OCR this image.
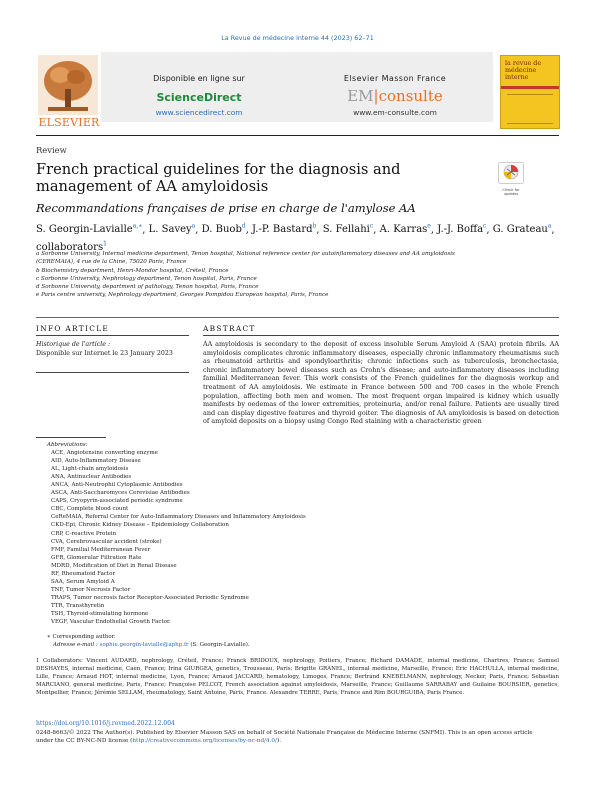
La Revue de médecine interne 44 (2023) 62–71
ELSEVIER
Disponible en ligne sur
ScienceDirect
www.sciencedirect.com
Elsevier Masson France
EM|consulte
www.em-consulte.com
la revue de médecine interne
Review
French practical guidelines for the diagnosis and management of AA amyloidosis	Check for updates
Recommandations françaises de prise en charge de l'amylose AA
S. Georgin-Lavialle$^{a,∗}$, L. Savey$^a$, D. Buob$^d$, J.-P. Bastard$^b$, S. Fellahi$^c$, A. Karras$^e$, J.-J. Boffa$^c$, G. Grateau$^a$, collaborators$^1$
a Sorbonne University, Internal medicine department, Tenon hospital, National reference center for autoinflammatory diseases and AA amyloidosis
(CEREMAIA), 4 rue de la Chine, 75020 Paris, France
b Biochemistry department, Henri-Mondor hospital, Créteil, France
c Sorbonne University, Nephrology department, Tenon hospital, Paris, France
d Sorbonne University, department of pathology, Tenon hospital, Paris, France
e Paris centre university, Nephrology department, Georges Pompidou European hospital, Paris, France
INFO ARTICLE	ABSTRACT
Historique de l'article :
Disponible sur Internet le 23 January 2023
AA amyloidosis is secondary to the deposit of excess insoluble Serum Amyloid A (SAA) protein fibrils. AA amyloidosis complicates chronic inflammatory diseases, especially chronic inflammatory rheumatisms such as rheumatoid arthritis and spondyloarthritis; chronic infections such as tuberculosis, bronchectasia, chronic inflammatory bowel diseases such as Crohn's disease; and auto-inflammatory diseases including familial Mediterranean fever. This work consists of the French guidelines for the diagnosis workup and treatment of AA amyloidosis. We estimate in France between 500 and 700 cases in the whole French population, affecting both men and women. The most frequent organ impaired is kidney which usually manifests by oedemas of the lower extremities, proteinuria, and/or renal failure. Patients are usually tired and can display digestive features and thyroid goiter. The diagnosis of AA amyloidosis is based on detection of amyloid deposits on a biopsy using Congo Red staining with a characteristic green
Abbreviations:
ACE, Angiotensine converting enzyme
AID, Auto-Inflammatory Disease
AL, Light-chain amyloidosis
ANA, Antinuclear Antibodies
ANCA, Anti-Neutrophil Cytoplasmic Antibodies
ASCA, Anti-Saccharomyces Cerevisiae Antibodies
CAPS, Cryopyrin-associated periodic syndrome
CBC, Complete blood count
CeReMAIA, Referral Center for Auto-Inflammatory Diseases and Inflammatory Amyloidosis
CKD-Epi, Chronic Kidney Disease – Epidemiology Collaboration
CRP, C-reactive Protein
CVA, Cerebrovascular accident (stroke)
FMF, Familial Mediterranean Fever
GFR, Glomerular Filtration Rate
MDRD, Modification of Diet in Renal Disease
RF, Rheumatoid Factor
SAA, Serum Amyloid A
TNF, Tumor Necrosis Factor
TRAPS, Tumor necrosis factor Receptor-Associated Periodic Syndrome
TTR, Transthyretin
TSH, Thyroid-stimulating hormone
VEGF, Vascular Endothelial Growth Factor.
∗ Corresponding author.
Adresse e-mail : sophie.georgin-lavialle@aphp.fr (S. Georgin-Lavialle).
1 Collaborators: Vincent AUDARD, nephrology, Créteil, France; Franck BRIDOUX, nephrology, Poitiers, France; Richard DAMADE, internal medicine, Chartres, France; Samuel DESHAYES, internal medicine, Caen, France; Irina GIURGEA, genetics, Trousseau, Paris; Brigitte GRANEL, internal medicine, Marseille, France; Eric HACHULLA, internal medicine, Lille, France; Arnaud HOT, internal medicine, Lyon, France; Arnaud JACCARD, hematology, Limoges, France; Bertrand KNEBELMANN, nephrology, Necker, Paris, France; Sebastian MARCIANO, general medicine, Paris, France; Françoise PELCOT, French association against amyloidosis, Marseille, France; Guillaume SARRABAY and Guilaine BOURSIER, genetics, Montpellier, France; Jérémie SELLAM, rheumatology, Saint Antoine, Paris, France. Alexandre TERRE, Paris, France and Rim BOURGUIBA, Paris France.
https://doi.org/10.1016/j.revmed.2022.12.004
0248-8663/© 2022 The Author(s). Published by Elsevier Masson SAS on behalf of Société Nationale Française de Médecine Interne (SNFMI). This is an open access article
under the CC BY-NC-ND license (http://creativecommons.org/licenses/by-nc-nd/4.0/).
